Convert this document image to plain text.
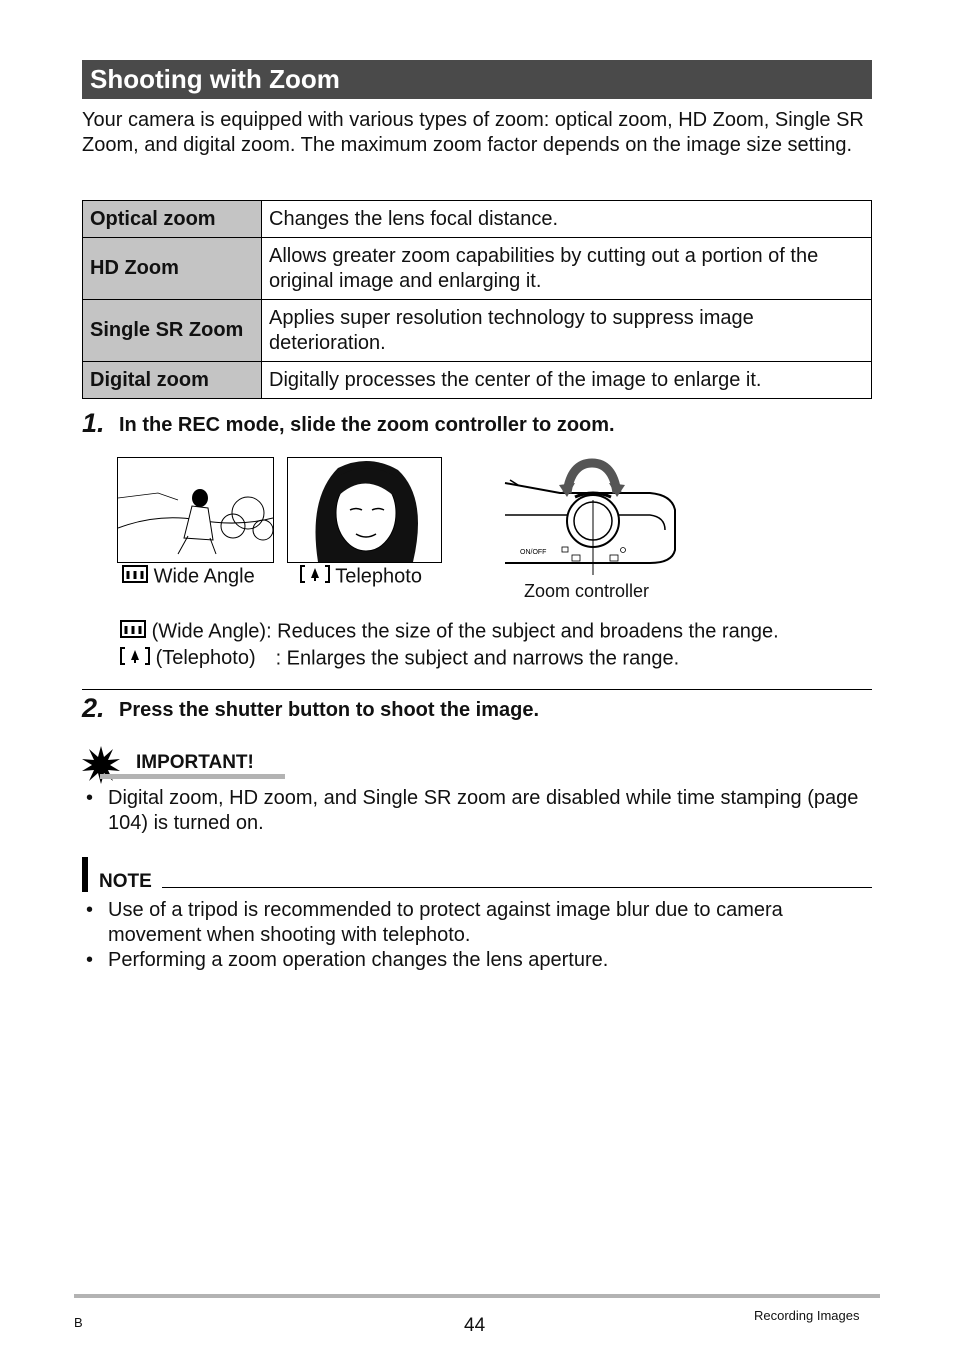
Shooting with Zoom
Your camera is equipped with various types of zoom: optical zoom, HD Zoom, Single SR Zoom, and digital zoom. The maximum zoom factor depends on the image size setting.
Optical zoom	Changes the lens focal distance.
HD Zoom	Allows greater zoom capabilities by cutting out a portion of the original image and enlarging it.
Single SR Zoom	Applies super resolution technology to suppress image deterioration.
Digital zoom	Digitally processes the center of the image to enlarge it.
1. In the REC mode, slide the zoom controller to zoom.
Wide Angle	Telephoto
ON/OFF
Zoom controller
(Wide Angle): Reduces the size of the subject and broadens the range.
(Telephoto) : Enlarges the subject and narrows the range.
2. Press the shutter button to shoot the image.
IMPORTANT!
• Digital zoom, HD zoom, and Single SR zoom are disabled while time stamping (page 104) is turned on.
NOTE
• Use of a tripod is recommended to protect against image blur due to camera movement when shooting with telephoto.
• Performing a zoom operation changes the lens aperture.
B	44	Recording Images
